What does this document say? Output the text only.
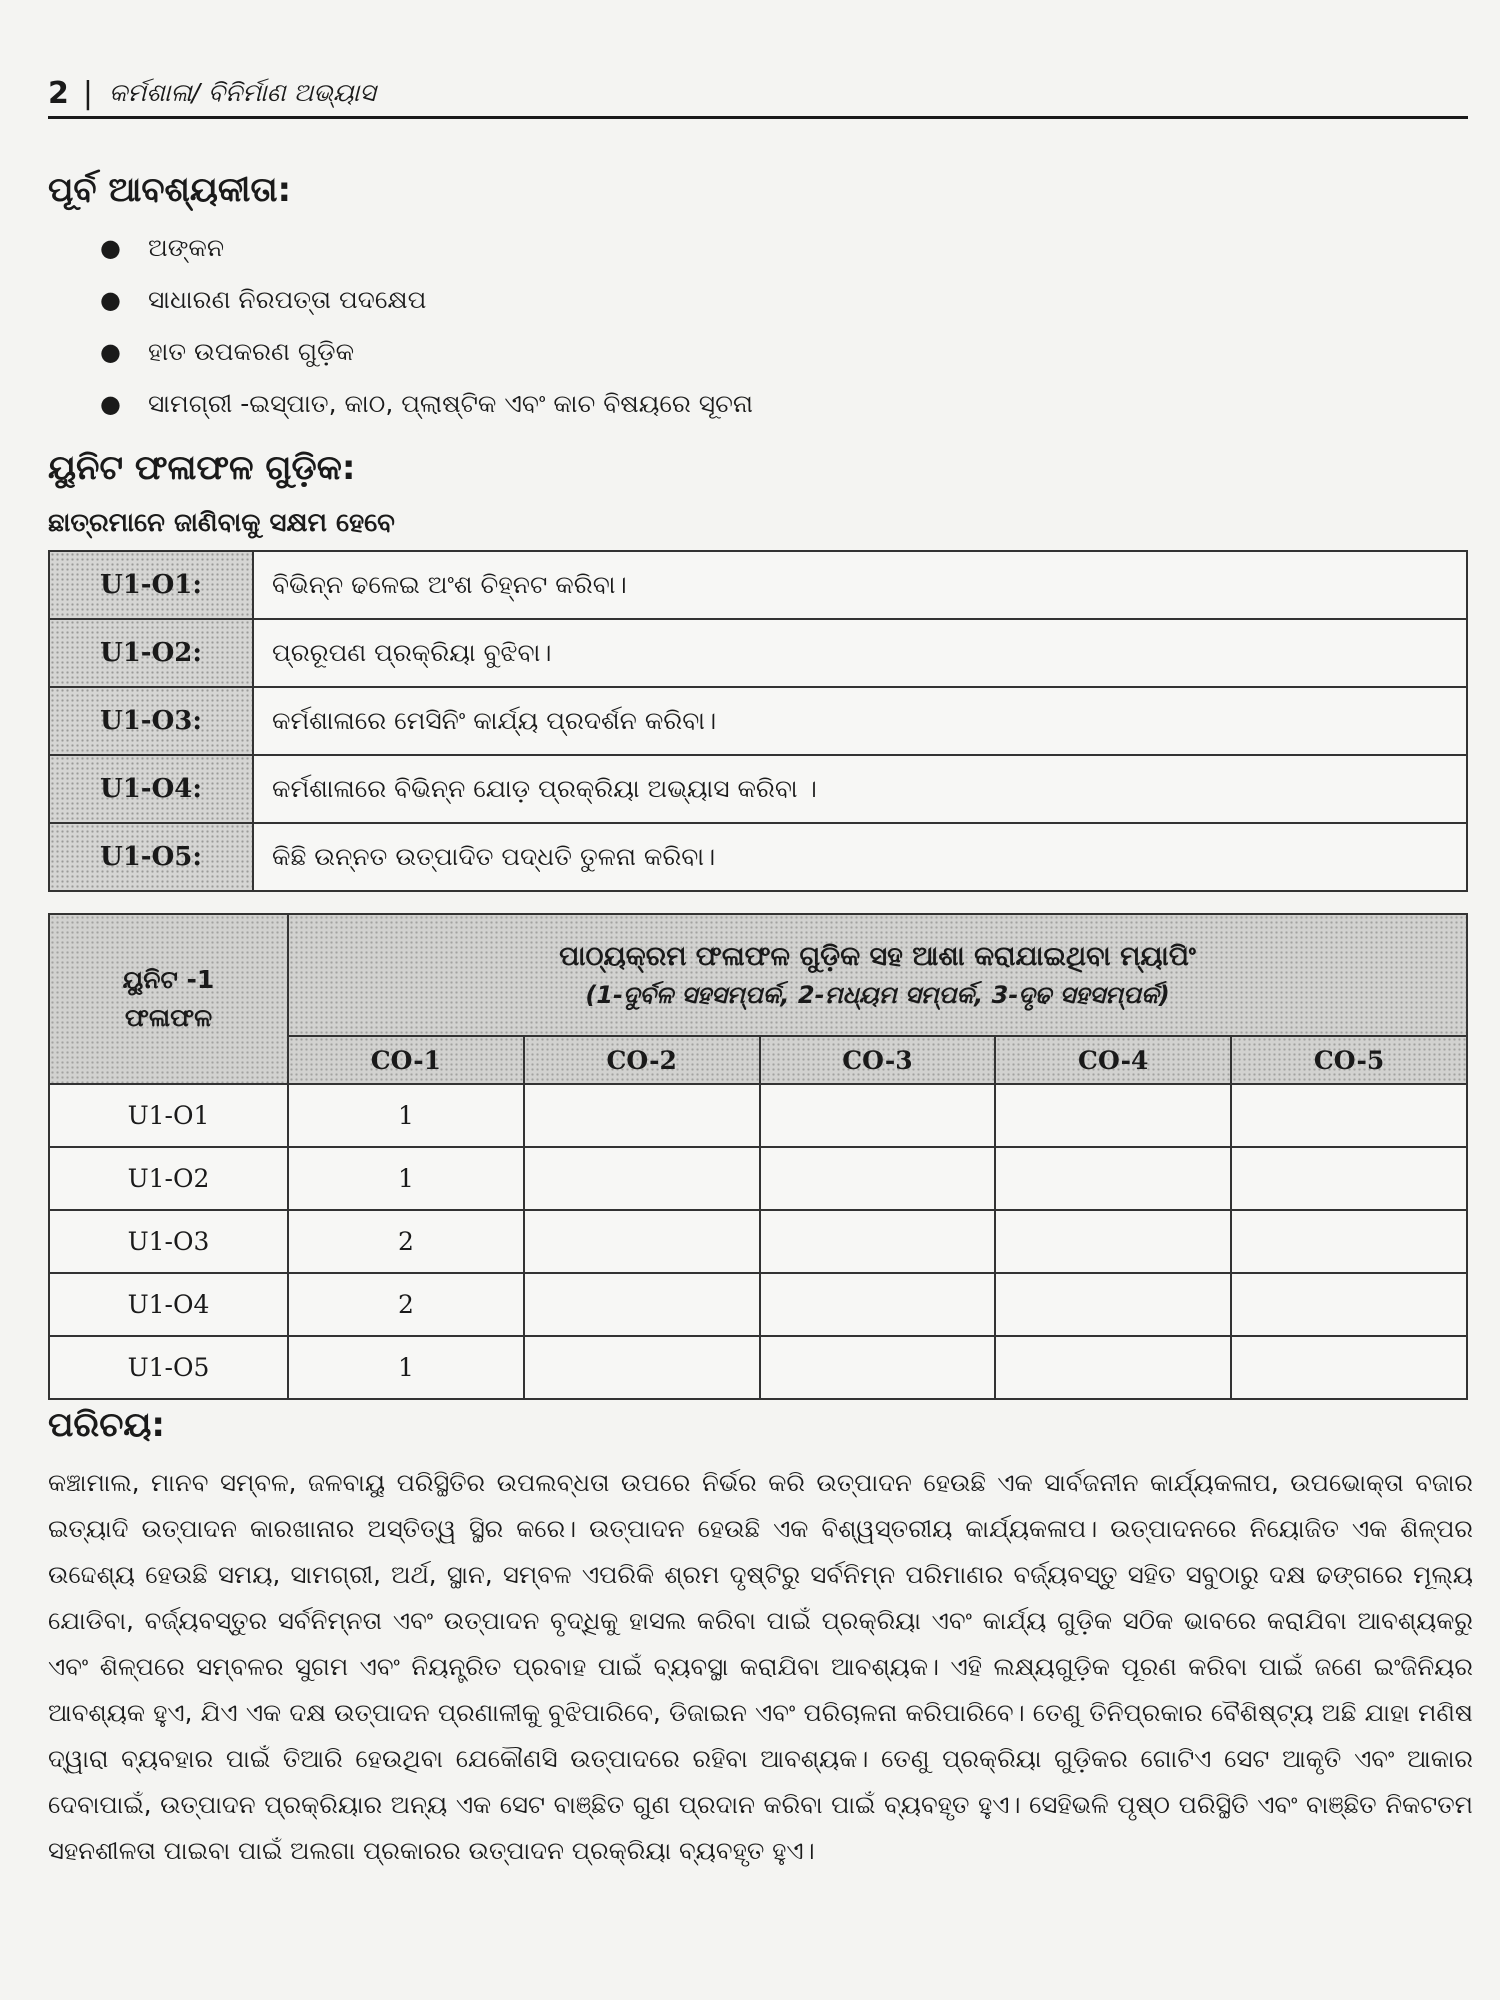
2 | କର୍ମଶାଳା/ ବିନିର୍ମାଣ ଅଭ୍ୟାସ
ପୂର୍ବ ଆବଶ୍ୟକୀତା:
●	ଅଙ୍କନ
●	ସାଧାରଣ ନିରପତ୍ତା ପଦକ୍ଷେପ
●	ହାତ ଉପକରଣ ଗୁଡ଼ିକ
●	ସାମଗ୍ରୀ -ଇସ୍ପାତ, କାଠ, ପ୍ଲାଷ୍ଟିକ ଏବଂ କାଚ ବିଷୟରେ ସୂଚନା
ୟୁନିଟ ଫଳାଫଳ ଗୁଡ଼ିକ:
ଛାତ୍ରମାନେ ଜାଣିବାକୁ ସକ୍ଷମ ହେବେ
U1-O1:	ବିଭିନ୍ନ ଢଳେଇ ଅଂଶ ଚିହ୍ନଟ କରିବା।
U1-O2:	ପ୍ରରୂପଣ ପ୍ରକ୍ରିୟା ବୁଝିବା।
U1-O3:	କର୍ମଶାଳାରେ ମେସିନିଂ କାର୍ଯ୍ୟ ପ୍ରଦର୍ଶନ କରିବା।
U1-O4:	କର୍ମଶାଳାରେ ବିଭିନ୍ନ ଯୋଡ଼ ପ୍ରକ୍ରିୟା ଅଭ୍ୟାସ କରିବା ।
U1-O5:	କିଛି ଉନ୍ନତ ଉତ୍ପାଦିତ ପଦ୍ଧତି ତୁଳନା କରିବା।
ୟୁନିଟ -1
ଫଳାଫଳ	ପାଠ୍ୟକ୍ରମ ଫଳାଫଳ ଗୁଡ଼ିକ ସହ ଆଶା କରାଯାଇଥିବା ମ୍ୟାପିଂ
(1-ଦୁର୍ବଳ ସହସମ୍ପର୍କ, 2-ମଧ୍ୟମ ସମ୍ପର୍କ, 3-ଦୃଢ ସହସମ୍ପର୍କ)				

	CO-1	CO-2	CO-3	CO-4	CO-5
U1-O1	1				
U1-O2	1				
U1-O3	2				
U1-O4	2				
U1-O5	1				
ପରିଚୟ:
କଞ୍ଚାମାଲ, ମାନବ ସମ୍ବଳ, ଜଳବାୟୁ ପରିସ୍ଥିତିର ଉପଲବ୍ଧତା ଉପରେ ନିର୍ଭର କରି ଉତ୍ପାଦନ ହେଉଛି ଏକ ସାର୍ବଜନୀନ କାର୍ଯ୍ୟକଳାପ, ଉପଭୋକ୍ତା ବଜାର ଇତ୍ୟାଦି ଉତ୍ପାଦନ କାରଖାନାର ଅସ୍ତିତ୍ୱ ସ୍ଥିର କରେ। ଉତ୍ପାଦନ ହେଉଛି ଏକ ବିଶ୍ୱସ୍ତରୀୟ କାର୍ଯ୍ୟକଳାପ। ଉତ୍ପାଦନରେ ନିୟୋଜିତ ଏକ ଶିଳ୍ପର ଉଦ୍ଦେଶ୍ୟ ହେଉଛି ସମୟ, ସାମଗ୍ରୀ, ଅର୍ଥ, ସ୍ଥାନ, ସମ୍ବଳ ଏପରିକି ଶ୍ରମ ଦୃଷ୍ଟିରୁ ସର୍ବନିମ୍ନ ପରିମାଣର ବର୍ଜ୍ୟବସ୍ତୁ ସହିତ ସବୁଠାରୁ ଦକ୍ଷ ଢଙ୍ଗରେ ମୂଲ୍ୟ ଯୋଡିବା, ବର୍ଜ୍ୟବସ୍ତୁର ସର୍ବନିମ୍ନତା ଏବଂ ଉତ୍ପାଦନ ବୃଦ୍ଧିକୁ ହାସଲ କରିବା ପାଇଁ ପ୍ରକ୍ରିୟା ଏବଂ କାର୍ଯ୍ୟ ଗୁଡ଼ିକ ସଠିକ ଭାବରେ କରାଯିବା ଆବଶ୍ୟକରୁ ଏବଂ ଶିଳ୍ପରେ ସମ୍ବଳର ସୁଗମ ଏବଂ ନିୟନ୍ତ୍ରିତ ପ୍ରବାହ ପାଇଁ ବ୍ୟବସ୍ଥା କରାଯିବା ଆବଶ୍ୟକ। ଏହି ଲକ୍ଷ୍ୟଗୁଡ଼ିକ ପୂରଣ କରିବା ପାଇଁ ଜଣେ ଇଂଜିନିୟର ଆବଶ୍ୟକ ହୁଏ, ଯିଏ ଏକ ଦକ୍ଷ ଉତ୍ପାଦନ ପ୍ରଣାଳୀକୁ ବୁଝିପାରିବେ, ଡିଜାଇନ ଏବଂ ପରିଚାଳନା କରିପାରିବେ। ତେଣୁ ତିନିପ୍ରକାର ବୈଶିଷ୍ଟ୍ୟ ଅଛି ଯାହା ମଣିଷ ଦ୍ୱାରା ବ୍ୟବହାର ପାଇଁ ତିଆରି ହେଉଥିବା ଯେକୌଣସି ଉତ୍ପାଦରେ ରହିବା ଆବଶ୍ୟକ। ତେଣୁ ପ୍ରକ୍ରିୟା ଗୁଡ଼ିକର ଗୋଟିଏ ସେଟ ଆକୃତି ଏବଂ ଆକାର ଦେବାପାଇଁ, ଉତ୍ପାଦନ ପ୍ରକ୍ରିୟାର ଅନ୍ୟ ଏକ ସେଟ ବାଞ୍ଛିତ ଗୁଣ ପ୍ରଦାନ କରିବା ପାଇଁ ବ୍ୟବହୃତ ହୁଏ। ସେହିଭଳି ପୃଷ୍ଠ ପରିସ୍ଥିତି ଏବଂ ବାଞ୍ଛିତ ନିକଟତମ ସହନଶୀଳତା ପାଇବା ପାଇଁ ଅଲଗା ପ୍ରକାରର ଉତ୍ପାଦନ ପ୍ରକ୍ରିୟା ବ୍ୟବହୃତ ହୁଏ।
